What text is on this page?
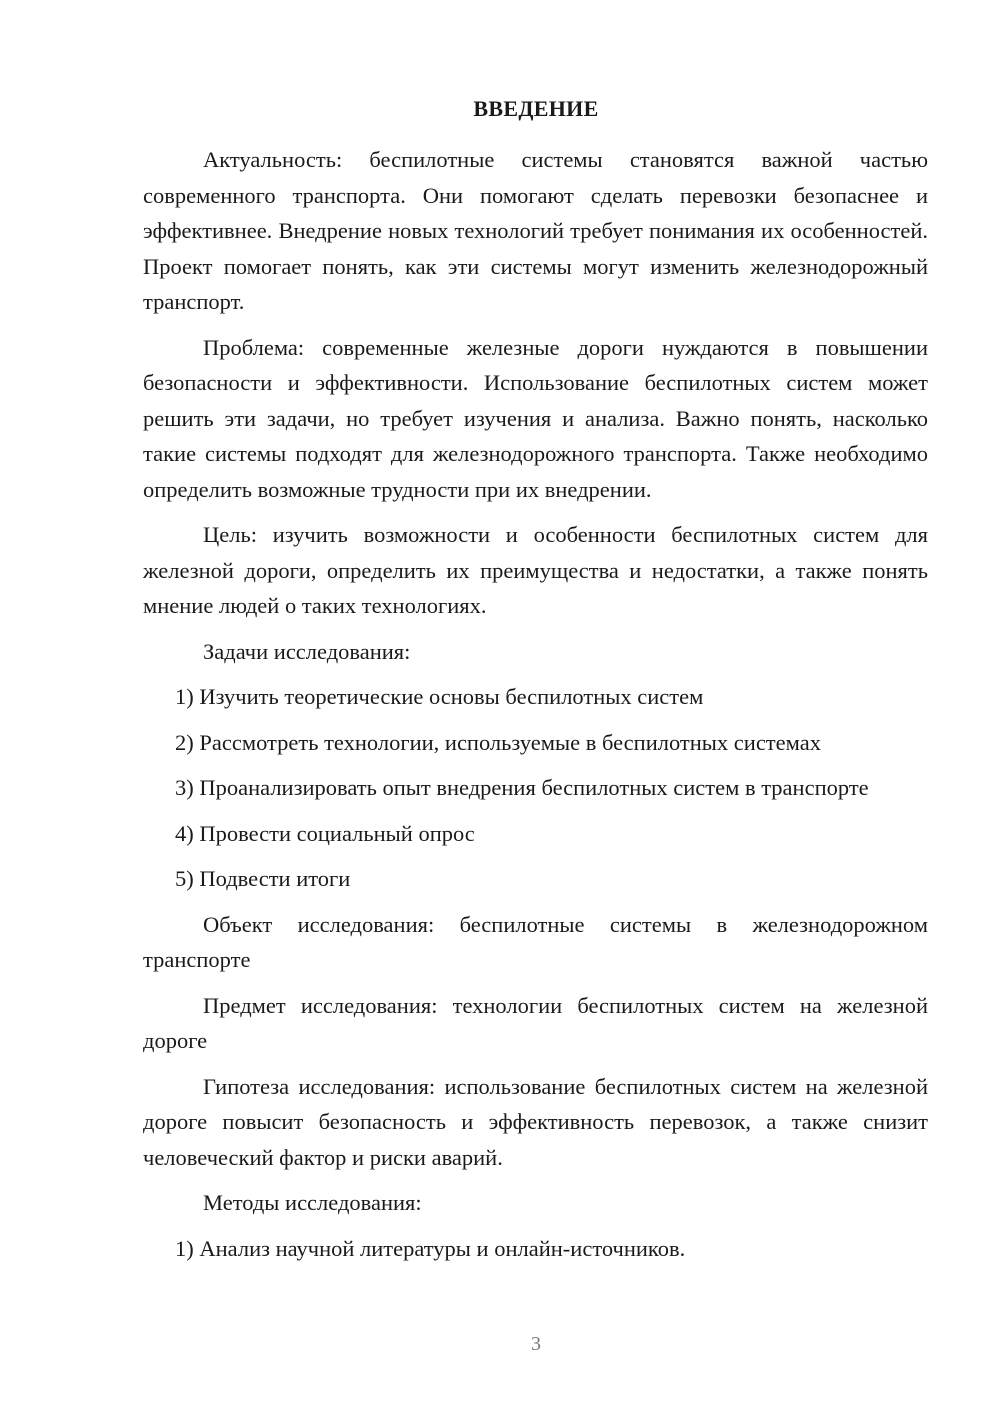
ВВЕДЕНИЕ

Актуальность: беспилотные системы становятся важной частью современного транспорта. Они помогают сделать перевозки безопаснее и эффективнее. Внедрение новых технологий требует понимания их особенностей. Проект помогает понять, как эти системы могут изменить железнодорожный транспорт.

Проблема: современные железные дороги нуждаются в повышении безопасности и эффективности. Использование беспилотных систем может решить эти задачи, но требует изучения и анализа. Важно понять, насколько такие системы подходят для железнодорожного транспорта. Также необходимо определить возможные трудности при их внедрении.

Цель: изучить возможности и особенности беспилотных систем для железной дороги, определить их преимущества и недостатки, а также понять мнение людей о таких технологиях.

Задачи исследования:

1) Изучить теоретические основы беспилотных систем

2) Рассмотреть технологии, используемые в беспилотных системах

3) Проанализировать опыт внедрения беспилотных систем в транспорте

4) Провести социальный опрос

5) Подвести итоги

Объект исследования: беспилотные системы в железнодорожном транспорте

Предмет исследования: технологии беспилотных систем на железной дороге

Гипотеза исследования: использование беспилотных систем на железной дороге повысит безопасность и эффективность перевозок, а также снизит человеческий фактор и риски аварий.

Методы исследования:

1) Анализ научной литературы и онлайн-источников.

3
